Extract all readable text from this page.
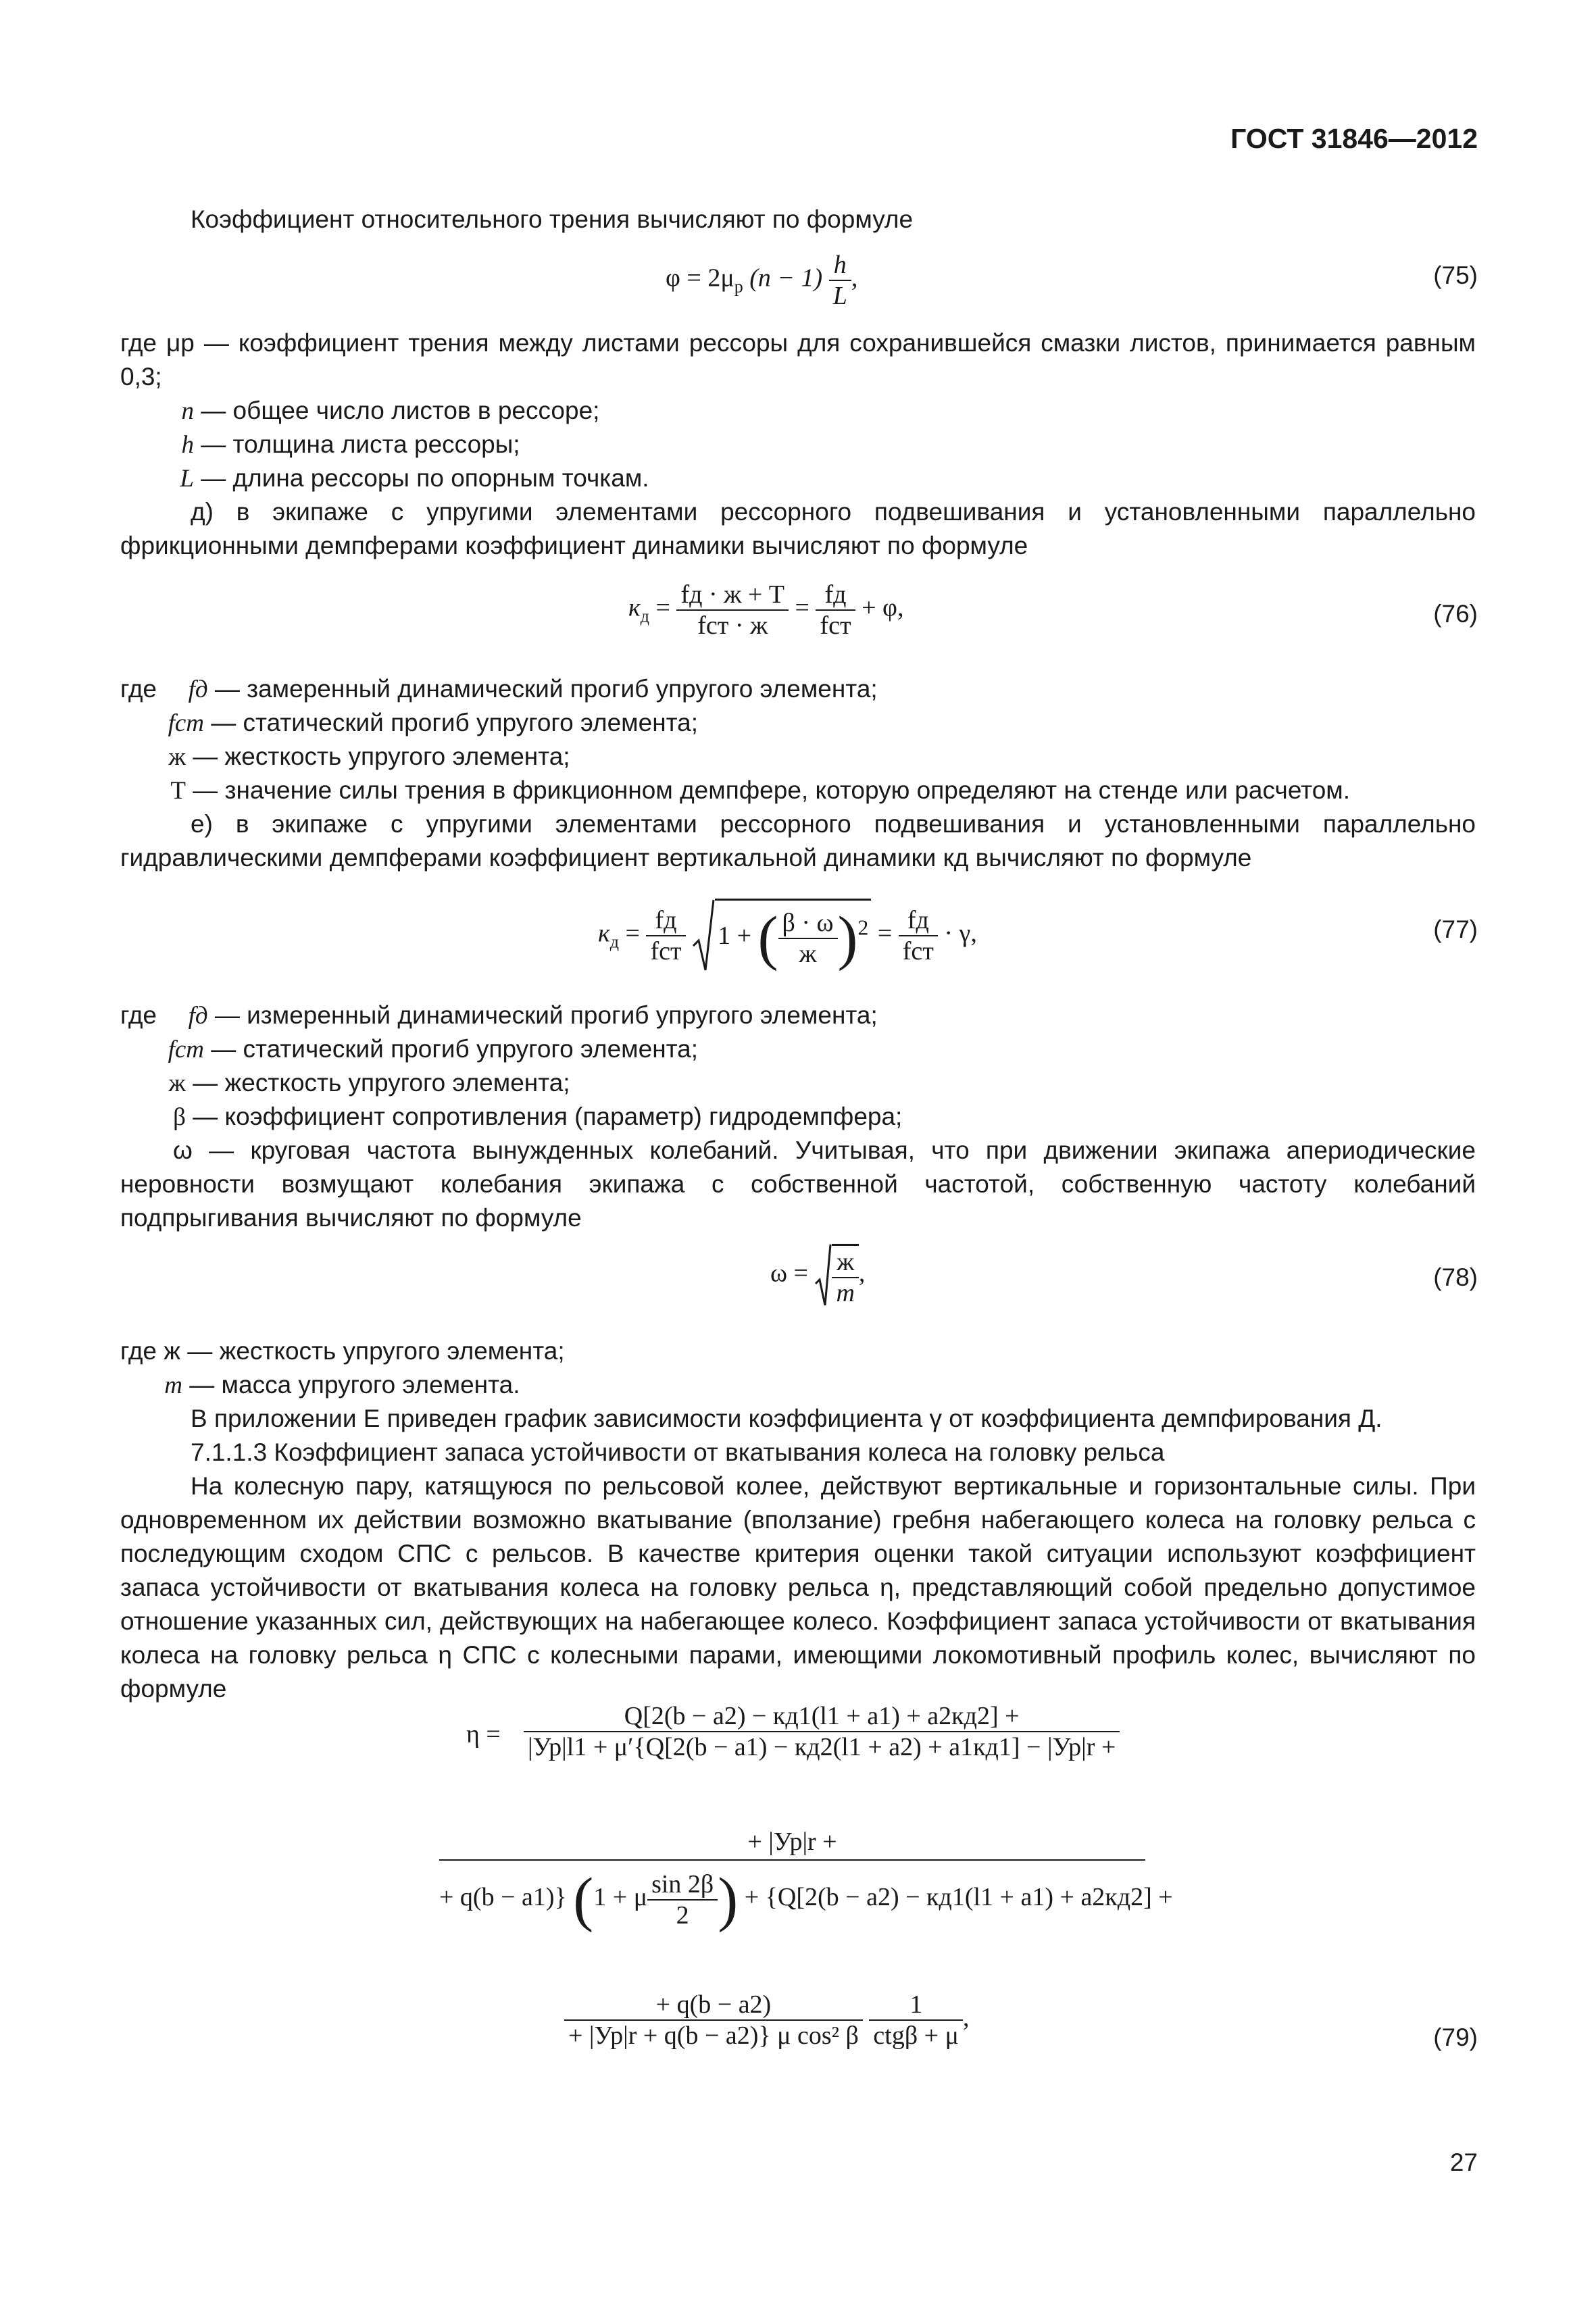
ГОСТ 31846—2012
Коэффициент относительного трения вычисляют по формуле
$\varphi = 2\mu_р$ $(n - 1) \frac{h}{L}$ ,	(75)
где μр — коэффициент трения между листами рессоры для сохранившейся смазки листов, принимается равным 0,3;
n — общее число листов в рессоре;
h — толщина листа рессоры;
L — длина рессоры по опорным точкам.
д) в экипаже с упругими элементами рессорного подвешивания и установленными параллельно фрикционными демпферами коэффициент динамики вычисляют по формуле
$к_д = \frac{fд \cdot ж + Т}{\text{fст · ж}} = \frac{fд}{\text{fст}} + \varphi$,	(76)
где fд — замеренный динамический прогиб упругого элемента;
fст — статический прогиб упругого элемента;
ж — жесткость упругого элемента;
Т — значение силы трения в фрикционном демпфере, которую определяют на стенде или расчетом.
е) в экипаже с упругими элементами рессорного подвешивания и установленными параллельно гидравлическими демпферами коэффициент вертикальной динамики кд вычисляют по формуле
$к_д = \frac{fд}{\text{fст}} 1$ + ( $\frac{\beta \cdot \omega}{ж} )^2 = \frac{fд}{\text{fст}} \cdot \gamma$,	(77)
где fд — измеренный динамический прогиб упругого элемента;
fст — статический прогиб упругого элемента;
ж — жесткость упругого элемента;
β — коэффициент сопротивления (параметр) гидродемпфера;
ω — круговая частота вынужденных колебаний. Учитывая, что при движении экипажа апериодические неровности возмущают колебания экипажа с собственной частотой, собственную частоту колебаний подпрыгивания вычисляют по формуле
$\omega = \frac{ж}{m}$ ,	(78)
где ж — жесткость упругого элемента;
m — масса упругого элемента.
В приложении Е приведен график зависимости коэффициента γ от коэффициента демпфирования Д.
7.1.1.3 Коэффициент запаса устойчивости от вкатывания колеса на головку рельса
На колесную пару, катящуюся по рельсовой колее, действуют вертикальные и горизонтальные силы. При одновременном их действии возможно вкатывание (вползание) гребня набегающего колеса на головку рельса с последующим сходом СПС с рельсов. В качестве критерия оценки такой ситуации используют коэффициент запаса устойчивости от вкатывания колеса на головку рельса η, представляющий собой предельно допустимое отношение указанных сил, действующих на набегающее колесо. Коэффициент запаса устойчивости от вкатывания колеса на головку рельса η СПС с колесными парами, имеющими локомотивный профиль колес, вычисляют по формуле
$\eta = \frac{Q[2(b - a2) - кд1(l1 + a1) + a2кд2] +}{|Ур|l1 + \mu'\{Q[2(b - a1) - кд2(l1 + a2) + a1кд1] - |Ур|r +}$
+ |Ур|r +
+ q(b − a1)} (1 + μ $\frac{\sin 2\beta}{2}$ ) + {Q[2(b − a2) − кд1(l1 + a1) + a2кд2] +
$\frac{+ q(b - a2)}{\text{+ |Ур|r + q(b − a2)\} μ cos² β}}$
$\frac{1}{\text{ctgβ + μ}}$ ,
(79)
27
